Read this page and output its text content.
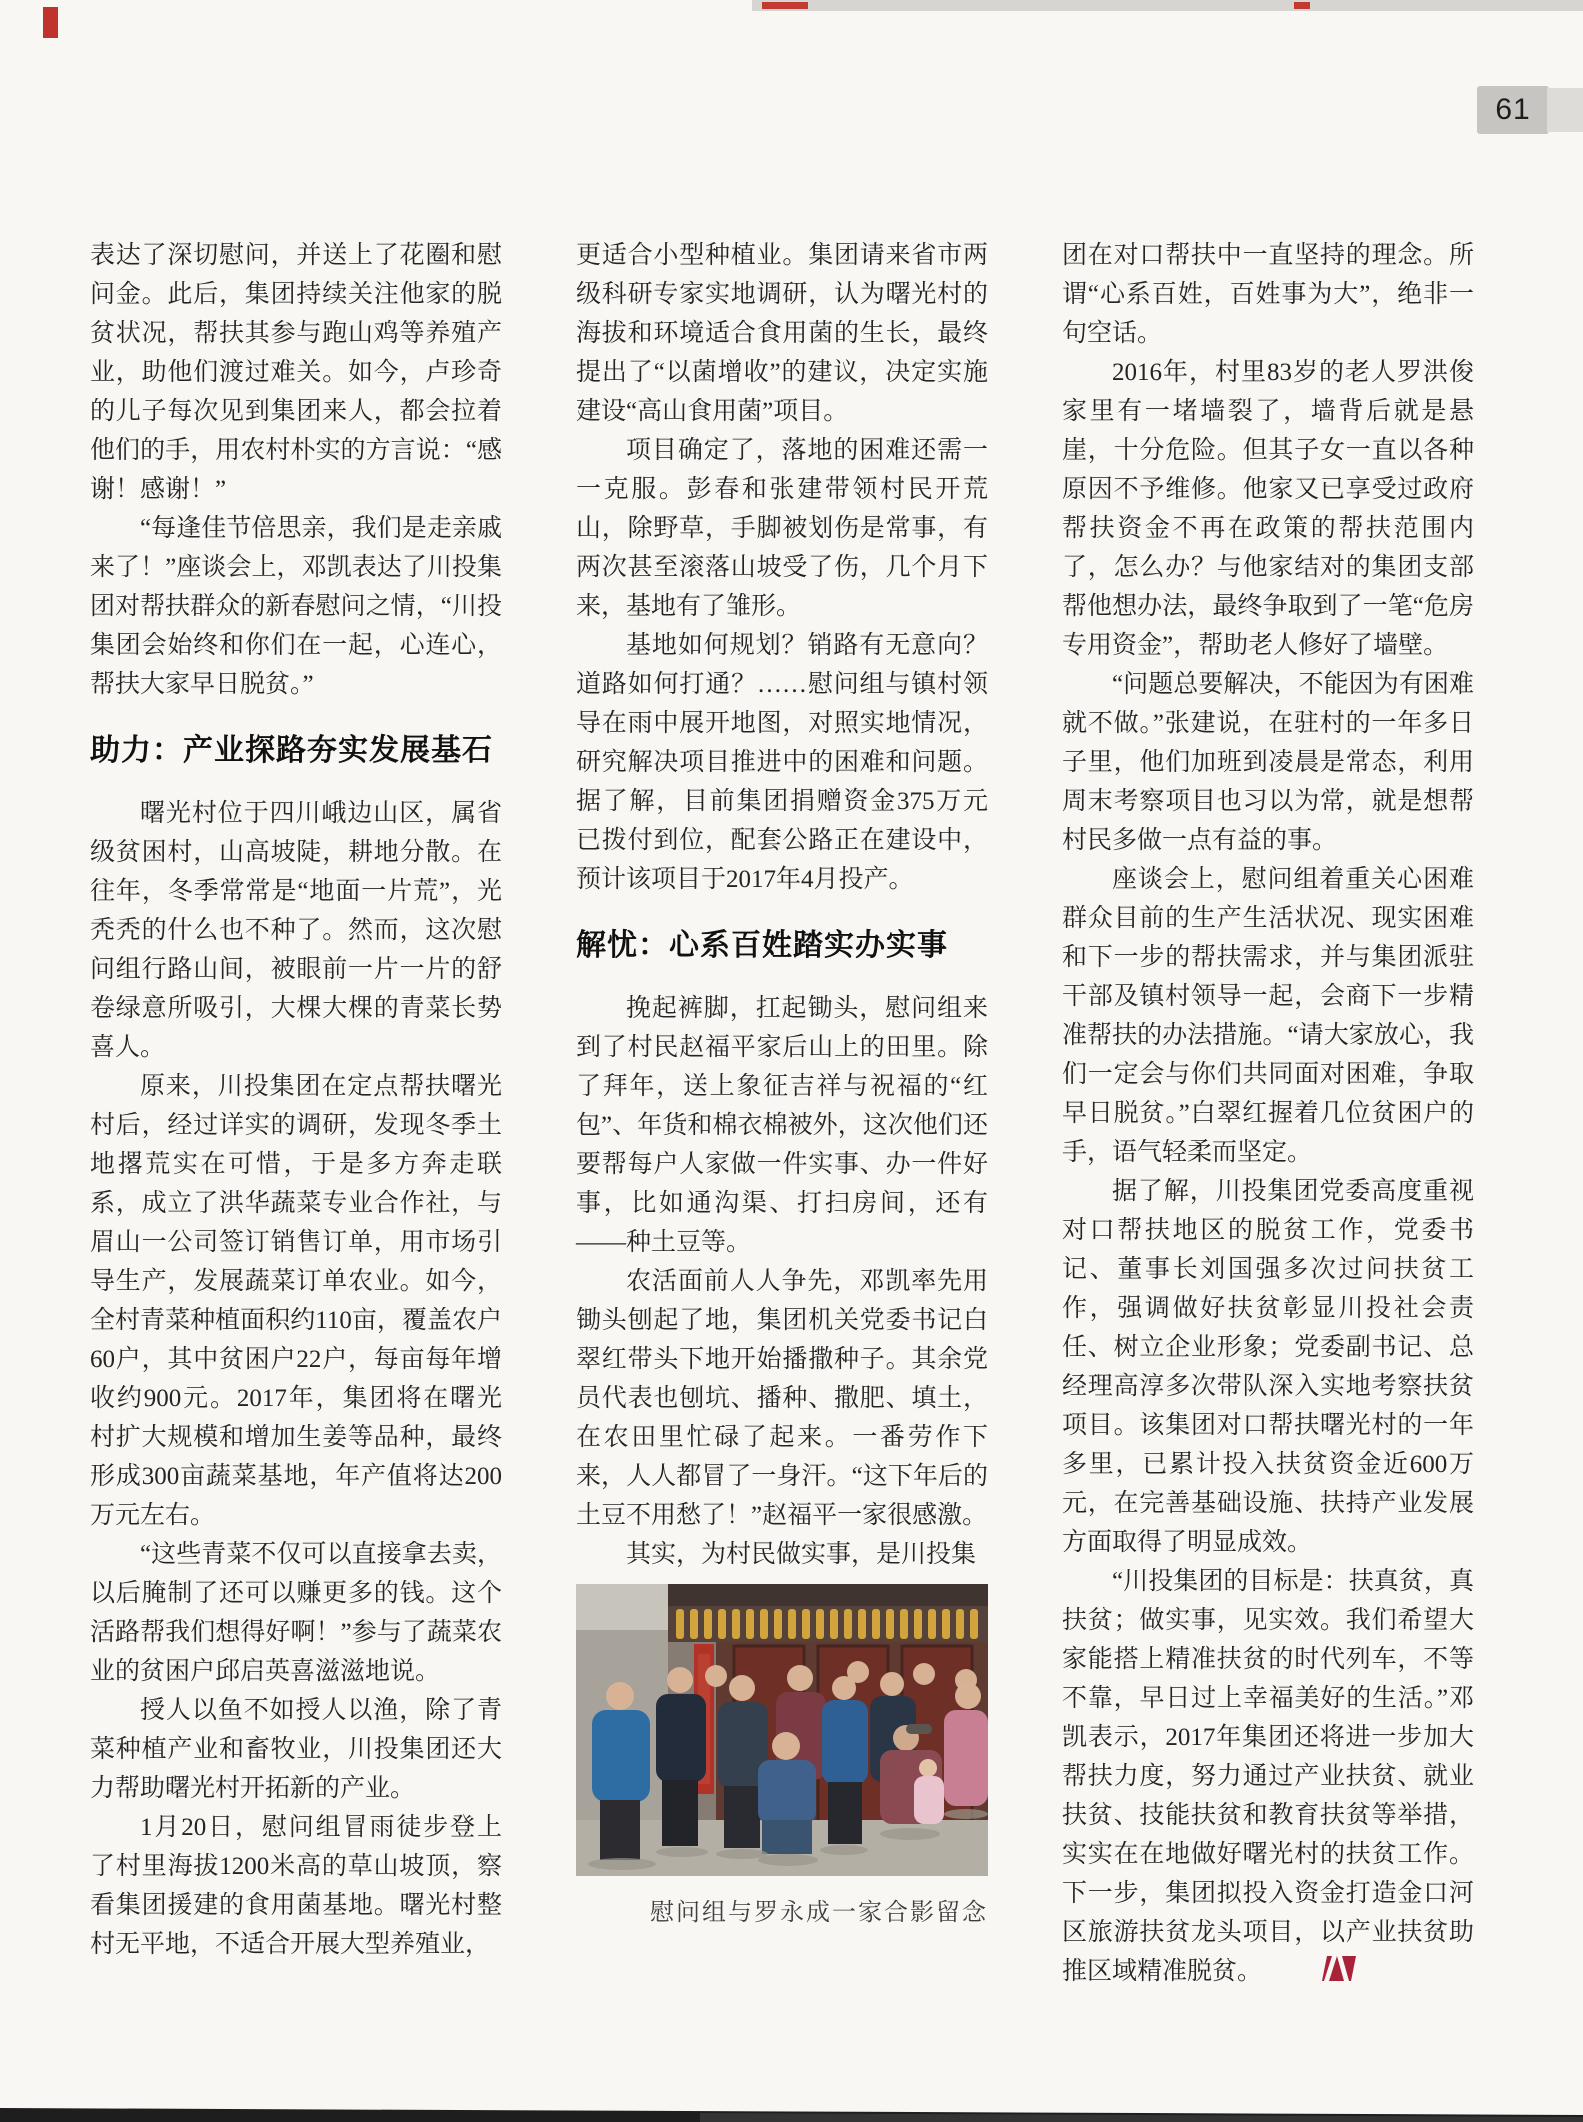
61

表达了深切慰问，并送上了花圈和慰问金。此后，集团持续关注他家的脱贫状况，帮扶其参与跑山鸡等养殖产业，助他们渡过难关。如今，卢珍奇的儿子每次见到集团来人，都会拉着他们的手，用农村朴实的方言说：“感谢！感谢！”

“每逢佳节倍思亲，我们是走亲戚来了！”座谈会上，邓凯表达了川投集团对帮扶群众的新春慰问之情，“川投集团会始终和你们在一起，心连心，帮扶大家早日脱贫。”

助力：产业探路夯实发展基石

曙光村位于四川峨边山区，属省级贫困村，山高坡陡，耕地分散。在往年，冬季常常是“地面一片荒”，光秃秃的什么也不种了。然而，这次慰问组行路山间，被眼前一片一片的舒卷绿意所吸引，大棵大棵的青菜长势喜人。

原来，川投集团在定点帮扶曙光村后，经过详实的调研，发现冬季土地撂荒实在可惜，于是多方奔走联系，成立了洪华蔬菜专业合作社，与眉山一公司签订销售订单，用市场引导生产，发展蔬菜订单农业。如今，全村青菜种植面积约110亩，覆盖农户60户，其中贫困户22户，每亩每年增收约900元。2017年，集团将在曙光村扩大规模和增加生姜等品种，最终形成300亩蔬菜基地，年产值将达200万元左右。

“这些青菜不仅可以直接拿去卖，以后腌制了还可以赚更多的钱。这个活路帮我们想得好啊！”参与了蔬菜农业的贫困户邱启英喜滋滋地说。

授人以鱼不如授人以渔，除了青菜种植产业和畜牧业，川投集团还大力帮助曙光村开拓新的产业。

1月20日，慰问组冒雨徒步登上了村里海拔1200米高的草山坡顶，察看集团援建的食用菌基地。曙光村整村无平地，不适合开展大型养殖业，

更适合小型种植业。集团请来省市两级科研专家实地调研，认为曙光村的海拔和环境适合食用菌的生长，最终提出了“以菌增收”的建议，决定实施建设“高山食用菌”项目。

项目确定了，落地的困难还需一一克服。彭春和张建带领村民开荒山，除野草，手脚被划伤是常事，有两次甚至滚落山坡受了伤，几个月下来，基地有了雏形。

基地如何规划？销路有无意向？道路如何打通？……慰问组与镇村领导在雨中展开地图，对照实地情况，研究解决项目推进中的困难和问题。据了解，目前集团捐赠资金375万元已拨付到位，配套公路正在建设中，预计该项目于2017年4月投产。

解忧：心系百姓踏实办实事

挽起裤脚，扛起锄头，慰问组来到了村民赵福平家后山上的田里。除了拜年，送上象征吉祥与祝福的“红包”、年货和棉衣棉被外，这次他们还要帮每户人家做一件实事、办一件好事，比如通沟渠、打扫房间，还有——种土豆等。

农活面前人人争先，邓凯率先用锄头刨起了地，集团机关党委书记白翠红带头下地开始播撒种子。其余党员代表也刨坑、播种、撒肥、填土，在农田里忙碌了起来。一番劳作下来，人人都冒了一身汗。“这下年后的土豆不用愁了！”赵福平一家很感激。

其实，为村民做实事，是川投集

慰问组与罗永成一家合影留念

团在对口帮扶中一直坚持的理念。所谓“心系百姓，百姓事为大”，绝非一句空话。

2016年，村里83岁的老人罗洪俊家里有一堵墙裂了，墙背后就是悬崖，十分危险。但其子女一直以各种原因不予维修。他家又已享受过政府帮扶资金不再在政策的帮扶范围内了，怎么办？与他家结对的集团支部帮他想办法，最终争取到了一笔“危房专用资金”，帮助老人修好了墙壁。

“问题总要解决，不能因为有困难就不做。”张建说，在驻村的一年多日子里，他们加班到凌晨是常态，利用周末考察项目也习以为常，就是想帮村民多做一点有益的事。

座谈会上，慰问组着重关心困难群众目前的生产生活状况、现实困难和下一步的帮扶需求，并与集团派驻干部及镇村领导一起，会商下一步精准帮扶的办法措施。“请大家放心，我们一定会与你们共同面对困难，争取早日脱贫。”白翠红握着几位贫困户的手，语气轻柔而坚定。

据了解，川投集团党委高度重视对口帮扶地区的脱贫工作，党委书记、董事长刘国强多次过问扶贫工作，强调做好扶贫彰显川投社会责任、树立企业形象；党委副书记、总经理高淳多次带队深入实地考察扶贫项目。该集团对口帮扶曙光村的一年多里，已累计投入扶贫资金近600万元，在完善基础设施、扶持产业发展方面取得了明显成效。

“川投集团的目标是：扶真贫，真扶贫；做实事，见实效。我们希望大家能搭上精准扶贫的时代列车，不等不靠，早日过上幸福美好的生活。”邓凯表示，2017年集团还将进一步加大帮扶力度，努力通过产业扶贫、就业扶贫、技能扶贫和教育扶贫等举措，实实在在地做好曙光村的扶贫工作。下一步，集团拟投入资金打造金口河区旅游扶贫龙头项目，以产业扶贫助推区域精准脱贫。
